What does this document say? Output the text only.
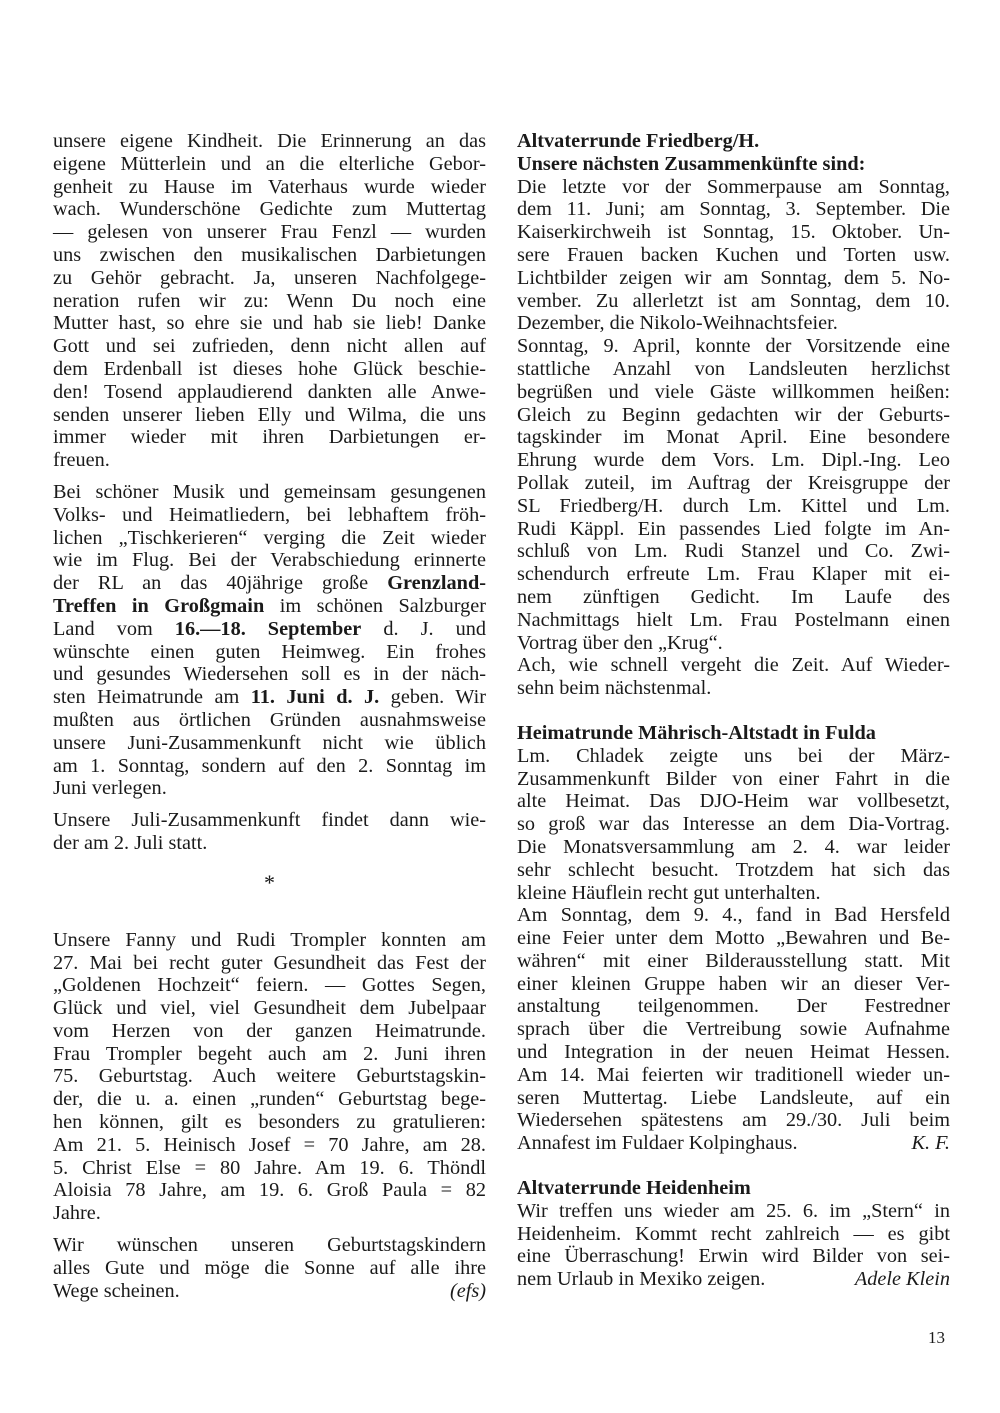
unsere eigene Kindheit. Die Erinnerung an das
eigene Mütterlein und an die elterliche Gebor-
genheit zu Hause im Vaterhaus wurde wieder
wach. Wunderschöne Gedichte zum Muttertag
— gelesen von unserer Frau Fenzl — wurden
uns zwischen den musikalischen Darbietungen
zu Gehör gebracht. Ja, unseren Nachfolgege-
neration rufen wir zu: Wenn Du noch eine
Mutter hast, so ehre sie und hab sie lieb! Danke
Gott und sei zufrieden, denn nicht allen auf
dem Erdenball ist dieses hohe Glück beschie-
den! Tosend applaudierend dankten alle Anwe-
senden unserer lieben Elly und Wilma, die uns
immer wieder mit ihren Darbietungen er-
freuen.
Bei schöner Musik und gemeinsam gesungenen
Volks- und Heimatliedern, bei lebhaftem fröh-
lichen „Tischkerieren“ verging die Zeit wieder
wie im Flug. Bei der Verabschiedung erinnerte
der RL an das 40jährige große Grenzland-
Treffen in Großgmain im schönen Salzburger
Land vom 16.—18. September d. J. und
wünschte einen guten Heimweg. Ein frohes
und gesundes Wiedersehen soll es in der näch-
sten Heimatrunde am 11. Juni d. J. geben. Wir
mußten aus örtlichen Gründen ausnahmsweise
unsere Juni-Zusammenkunft nicht wie üblich
am 1. Sonntag, sondern auf den 2. Sonntag im
Juni verlegen.
Unsere Juli-Zusammenkunft findet dann wie-
der am 2. Juli statt.
*
Unsere Fanny und Rudi Trompler konnten am
27. Mai bei recht guter Gesundheit das Fest der
„Goldenen Hochzeit“ feiern. — Gottes Segen,
Glück und viel, viel Gesundheit dem Jubelpaar
vom Herzen von der ganzen Heimatrunde.
Frau Trompler begeht auch am 2. Juni ihren
75. Geburtstag. Auch weitere Geburtstagskin-
der, die u. a. einen „runden“ Geburtstag bege-
hen können, gilt es besonders zu gratulieren:
Am 21. 5. Heinisch Josef = 70 Jahre, am 28.
5. Christ Else = 80 Jahre. Am 19. 6. Thöndl
Aloisia 78 Jahre, am 19. 6. Groß Paula = 82
Jahre.
Wir wünschen unseren Geburtstagskindern
alles Gute und möge die Sonne auf alle ihre
Wege scheinen.	(efs)
Altvaterrunde Friedberg/H.
Unsere nächsten Zusammenkünfte sind:
Die letzte vor der Sommerpause am Sonntag,
dem 11. Juni; am Sonntag, 3. September. Die
Kaiserkirchweih ist Sonntag, 15. Oktober. Un-
sere Frauen backen Kuchen und Torten usw.
Lichtbilder zeigen wir am Sonntag, dem 5. No-
vember. Zu allerletzt ist am Sonntag, dem 10.
Dezember, die Nikolo-Weihnachtsfeier.
Sonntag, 9. April, konnte der Vorsitzende eine
stattliche Anzahl von Landsleuten herzlichst
begrüßen und viele Gäste willkommen heißen:
Gleich zu Beginn gedachten wir der Geburts-
tagskinder im Monat April. Eine besondere
Ehrung wurde dem Vors. Lm. Dipl.-Ing. Leo
Pollak zuteil, im Auftrag der Kreisgruppe der
SL Friedberg/H. durch Lm. Kittel und Lm.
Rudi Käppl. Ein passendes Lied folgte im An-
schluß von Lm. Rudi Stanzel und Co. Zwi-
schendurch erfreute Lm. Frau Klaper mit ei-
nem zünftigen Gedicht. Im Laufe des
Nachmittags hielt Lm. Frau Postelmann einen
Vortrag über den „Krug“.
Ach, wie schnell vergeht die Zeit. Auf Wieder-
sehn beim nächstenmal.
Heimatrunde Mährisch-Altstadt in Fulda
Lm. Chladek zeigte uns bei der März-
Zusammenkunft Bilder von einer Fahrt in die
alte Heimat. Das DJO-Heim war vollbesetzt,
so groß war das Interesse an dem Dia-Vortrag.
Die Monatsversammlung am 2. 4. war leider
sehr schlecht besucht. Trotzdem hat sich das
kleine Häuflein recht gut unterhalten.
Am Sonntag, dem 9. 4., fand in Bad Hersfeld
eine Feier unter dem Motto „Bewahren und Be-
währen“ mit einer Bilderausstellung statt. Mit
einer kleinen Gruppe haben wir an dieser Ver-
anstaltung teilgenommen. Der Festredner
sprach über die Vertreibung sowie Aufnahme
und Integration in der neuen Heimat Hessen.
Am 14. Mai feierten wir traditionell wieder un-
seren Muttertag. Liebe Landsleute, auf ein
Wiedersehen spätestens am 29./30. Juli beim
Annafest im Fuldaer Kolpinghaus.	K. F.
Altvaterrunde Heidenheim
Wir treffen uns wieder am 25. 6. im „Stern“ in
Heidenheim. Kommt recht zahlreich — es gibt
eine Überraschung! Erwin wird Bilder von sei-
nem Urlaub in Mexiko zeigen.	Adele Klein
13
